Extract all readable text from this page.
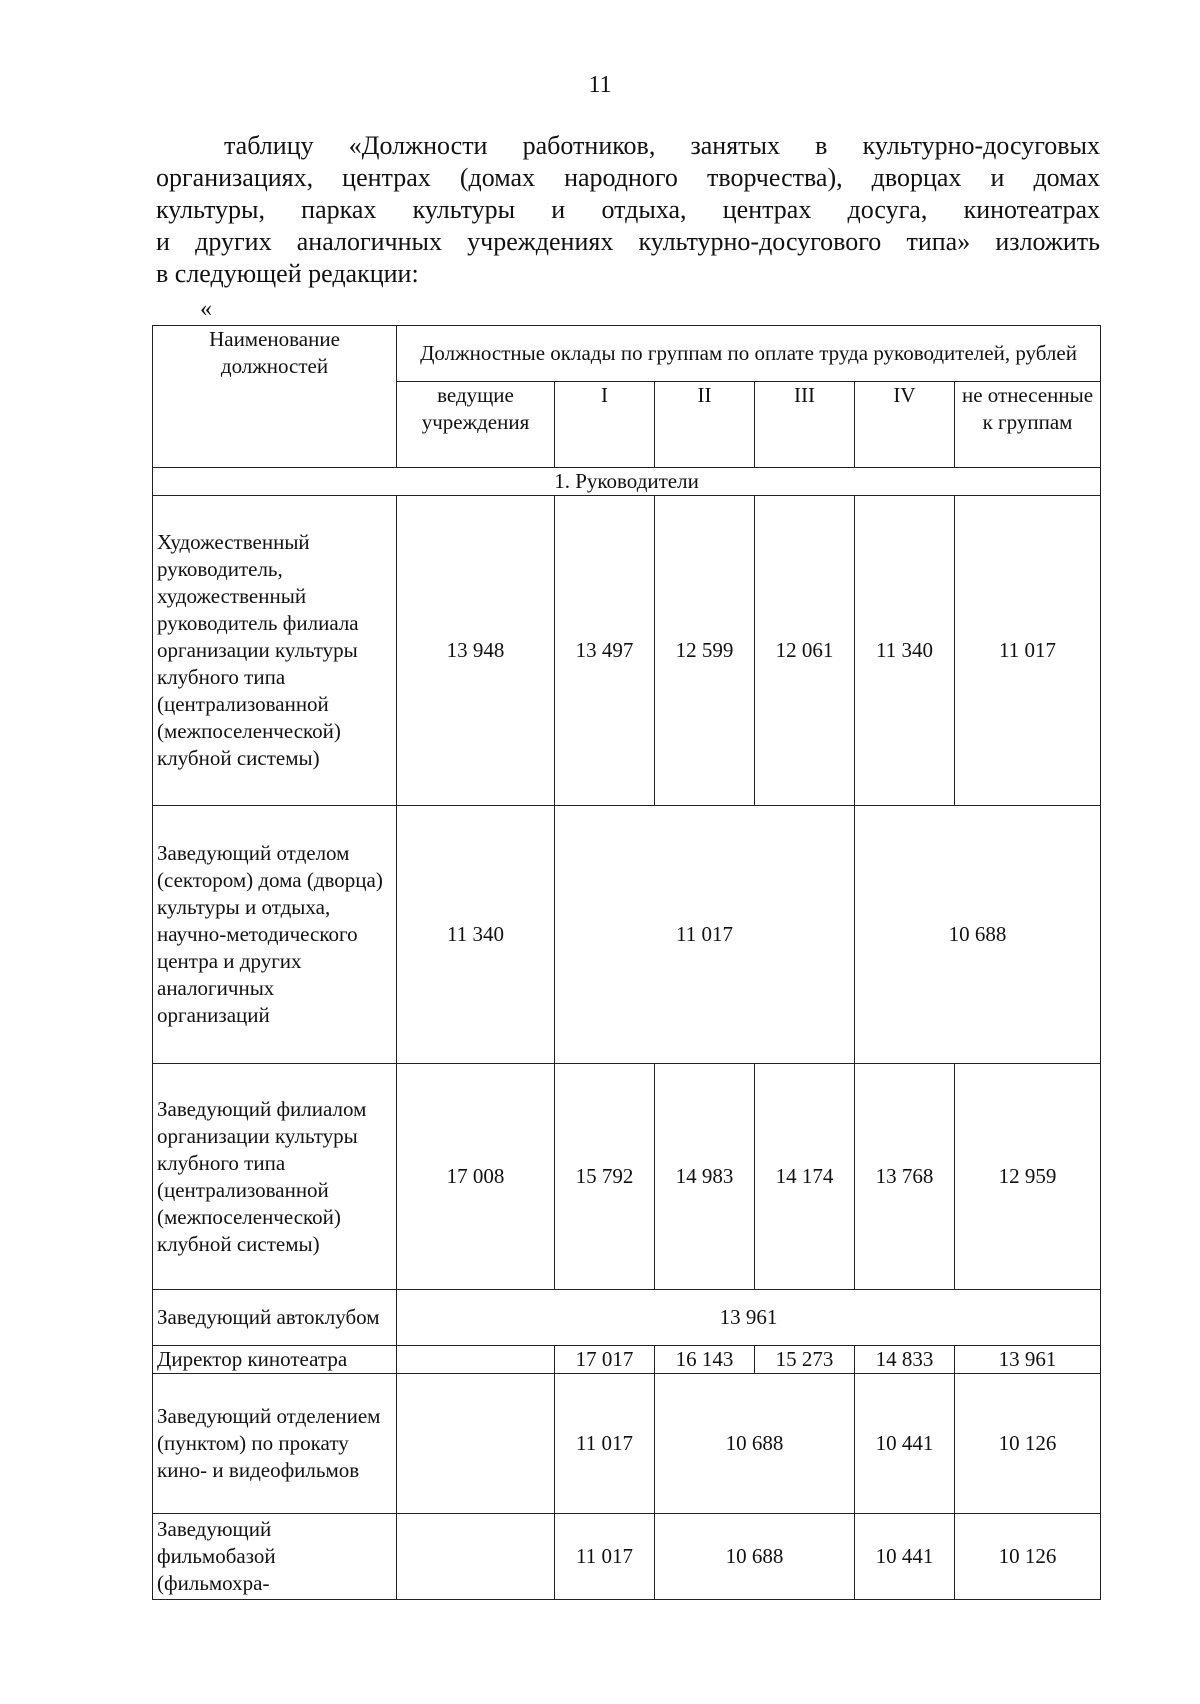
11

таблицу «Должности работников, занятых в культурно-досуговых
организациях, центрах (домах народного творчества), дворцах и домах
культуры, парках культуры и отдыха, центрах досуга, кинотеатрах
и других аналогичных учреждениях культурно-досугового типа» изложить
в следующей редакции:

«
Наименование должностей	Должностные оклады по группам по оплате труда руководителей, рублей					
	ведущие учреждения	I	II	III	IV	не отнесенные к группам
1. Руководители						
Художественный руководитель, художественный руководитель филиала организации культуры клубного типа (централизованной (межпоселенческой) клубной системы)	13 948	13 497	12 599	12 061	11 340	11 017
Заведующий отделом (сектором) дома (дворца) культуры и отдыха, научно-методического центра и других аналогичных организаций	11 340	11 017			10 688	
Заведующий филиалом организации культуры клубного типа (централизованной (межпоселенческой) клубной системы)	17 008	15 792	14 983	14 174	13 768	12 959
Заведующий автоклубом	13 961					
Директор кинотеатра		17 017	16 143	15 273	14 833	13 961
Заведующий отделением (пунктом) по прокату кино- и видеофильмов		11 017	10 688		10 441	10 126
Заведующий фильмобазой (фильмохра-		11 017	10 688		10 441	10 126
